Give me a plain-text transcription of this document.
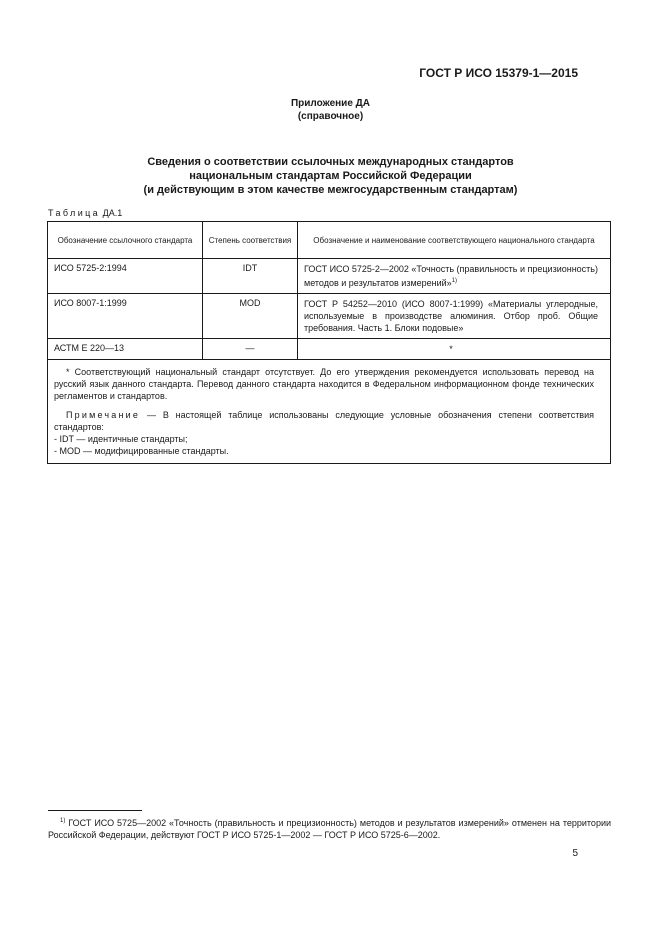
ГОСТ Р ИСО 15379-1—2015
Приложение ДА
(справочное)
Сведения о соответствии ссылочных международных стандартов
национальным стандартам Российской Федерации
(и действующим в этом качестве межгосударственным стандартам)
Таблица ДА.1
Обозначение ссылочного стандарта	Степень соответствия	Обозначение и наименование соответствующего национального стандарта
ИСО 5725-2:1994	IDT	ГОСТ ИСО 5725-2—2002 «Точность (правильность и прецизионность) методов и результатов измерений»$^{1)}$
ИСО 8007-1:1999	MOD	ГОСТ Р 54252—2010 (ИСО 8007-1:1999) «Материалы углеродные, используемые в производстве алюминия. Отбор проб. Общие требования. Часть 1. Блоки подовые»
АСТМ Е 220—13	—	*

* Соответствующий национальный стандарт отсутствует. До его утверждения рекомендуется использовать перевод на русский язык данного стандарта. Перевод данного стандарта находится в Федеральном информационном фонде технических регламентов и стандартов.

Примечание — В настоящей таблице использованы следующие условные обозначения степени соответствия стандартов:

- IDT — идентичные стандарты;

- MOD — модифицированные стандарты.		

$^{1)}$ ГОСТ ИСО 5725—2002 «Точность (правильность и прецизионность) методов и результатов измерений» отменен на территории Российской Федерации, действуют ГОСТ Р ИСО 5725-1—2002 — ГОСТ Р ИСО 5725-6—2002.
5
